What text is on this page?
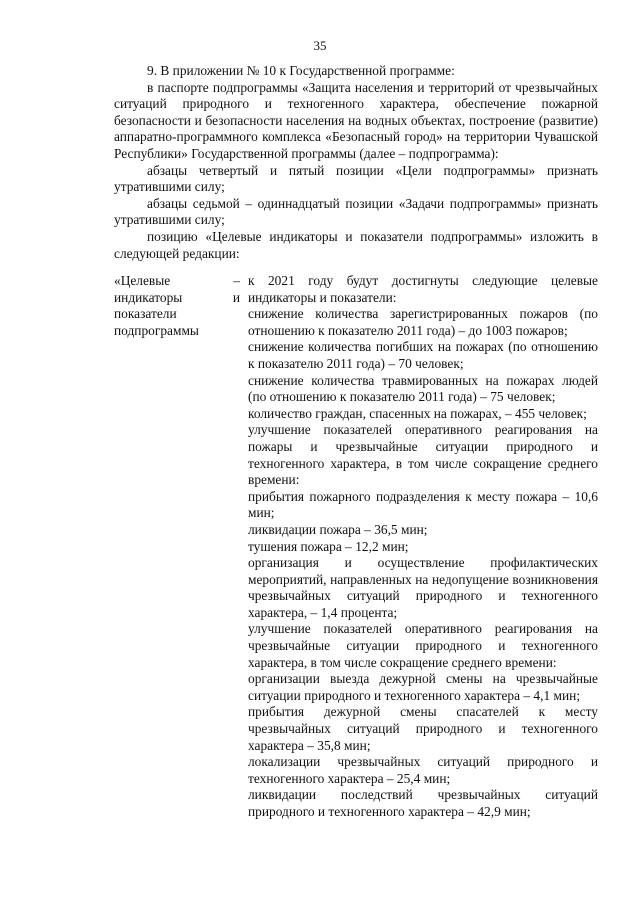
35

9. В приложении № 10 к Государственной программе:

в паспорте подпрограммы «Защита населения и территорий от чрезвычайных ситуаций природного и техногенного характера, обеспечение пожарной безопасности и безопасности населения на водных объектах, построение (развитие) аппаратно-программного комплекса «Безопасный город» на территории Чувашской Республики» Государственной программы (далее – подпрограмма):

абзацы четвертый и пятый позиции «Цели подпрограммы» признать утратившими силу;

абзацы седьмой – одиннадцатый позиции «Задачи подпрограммы» признать утратившими силу;

позицию «Целевые индикаторы и показатели подпрограммы» изложить в следующей редакции:

«Целевые индикаторы и показатели подпрограммы
– к 2021 году будут достигнуты следующие целевые индикаторы и показатели:

снижение количества зарегистрированных пожаров (по отношению к показателю 2011 года) – до 1003 пожаров;

снижение количества погибших на пожарах (по отношению к показателю 2011 года) – 70 человек;

снижение количества травмированных на пожарах людей (по отношению к показателю 2011 года) – 75 человек;

количество граждан, спасенных на пожарах, – 455 человек;

улучшение показателей оперативного реагирования на пожары и чрезвычайные ситуации природного и техногенного характера, в том числе сокращение среднего времени:

прибытия пожарного подразделения к месту пожара – 10,6 мин;

ликвидации пожара – 36,5 мин;

тушения пожара – 12,2 мин;

организация и осуществление профилактических мероприятий, направленных на недопущение возникновения чрезвычайных ситуаций природного и техногенного характера, – 1,4 процента;

улучшение показателей оперативного реагирования на чрезвычайные ситуации природного и техногенного характера, в том числе сокращение среднего времени:

организации выезда дежурной смены на чрезвычайные ситуации природного и техногенного характера – 4,1 мин;

прибытия дежурной смены спасателей к месту чрезвычайных ситуаций природного и техногенного характера – 35,8 мин;

локализации чрезвычайных ситуаций природного и техногенного характера – 25,4 мин;

ликвидации последствий чрезвычайных ситуаций природного и техногенного характера – 42,9 мин;
